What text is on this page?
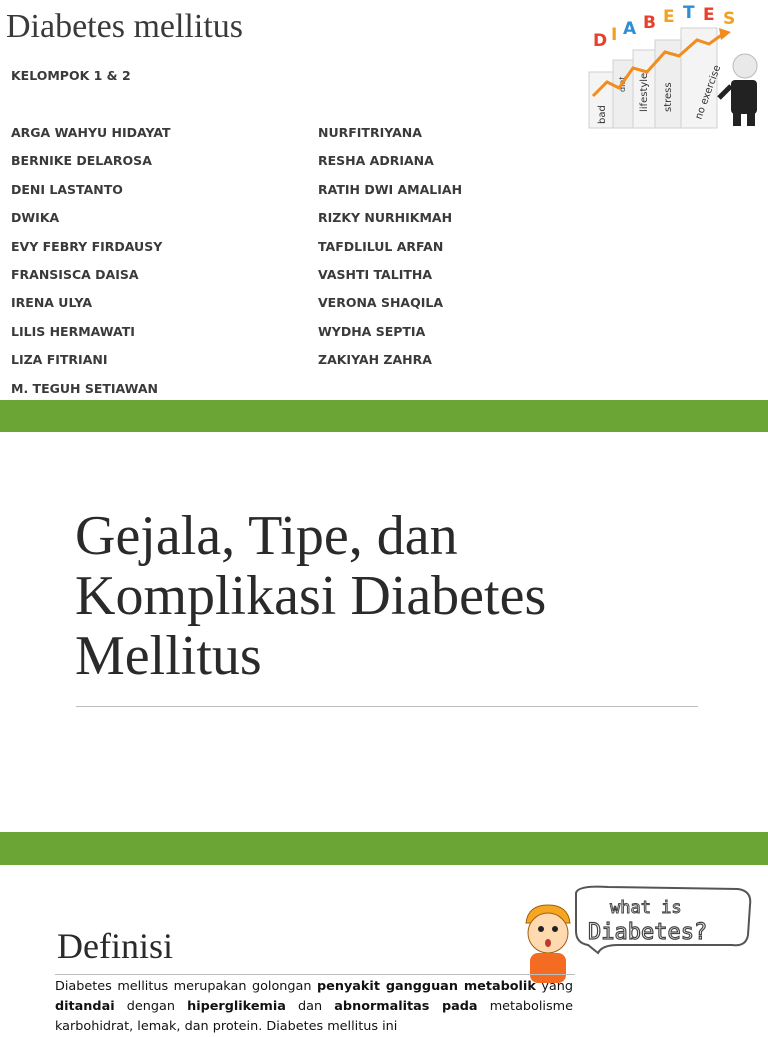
Diabetes mellitus
KELOMPOK 1 & 2
ARGA WAHYU HIDAYAT
BERNIKE DELAROSA
DENI LASTANTO
DWIKA
EVY FEBRY FIRDAUSY
FRANSISCA DAISA
IRENA ULYA
LILIS HERMAWATI
LIZA FITRIANI
M. TEGUH SETIAWAN
NURFITRIYANA
RESHA ADRIANA
RATIH DWI AMALIAH
RIZKY NURHIKMAH
TAFDLILUL ARFAN
VASHTI TALITHA
VERONA SHAQILA
WYDHA SEPTIA
ZAKIYAH ZAHRA
D I A B E T E S
bad
diet lifestyle stress no exercise
Gejala, Tipe, dan Komplikasi Diabetes Mellitus
what is
Diabetes?
Definisi
Diabetes mellitus merupakan golongan penyakit gangguan metabolik yang ditandai dengan hiperglikemia dan abnormalitas pada metabolisme karbohidrat, lemak, dan protein. Diabetes mellitus ini
